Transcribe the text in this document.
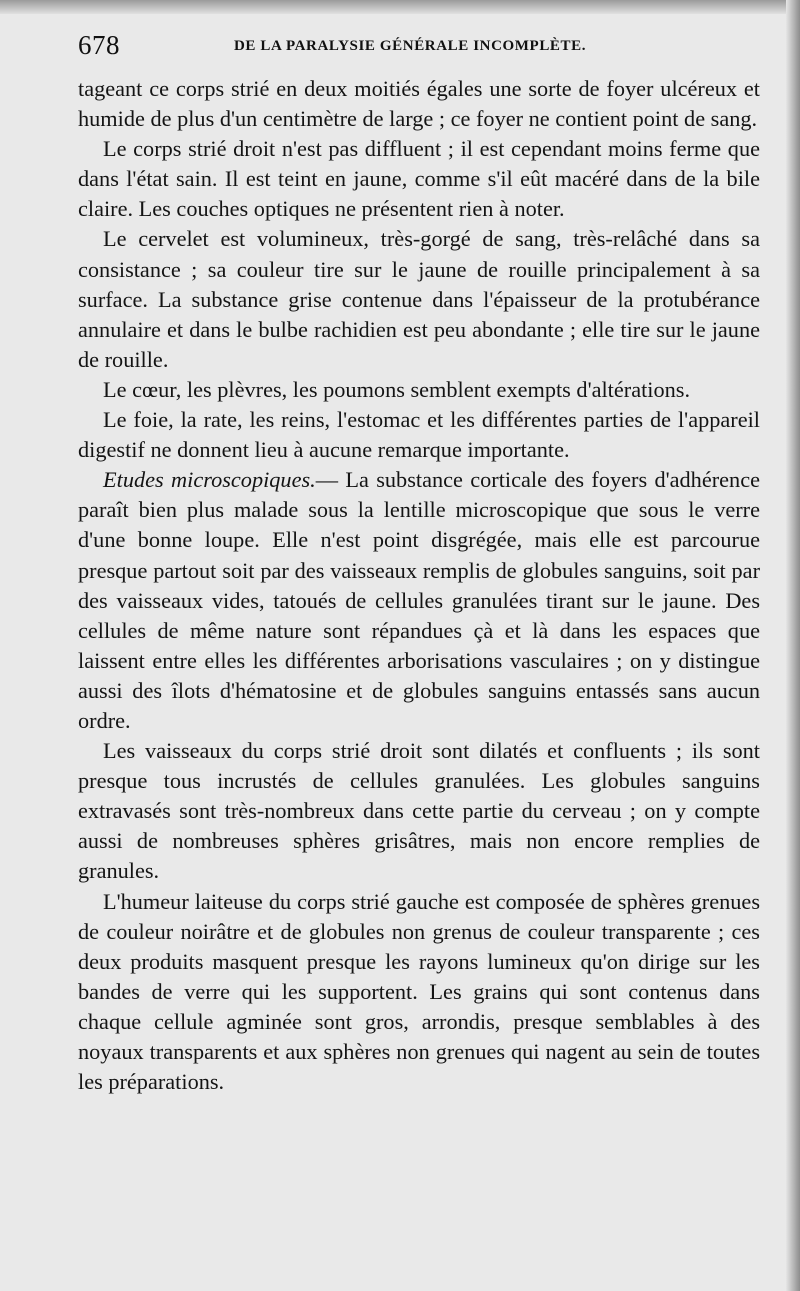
678	DE LA PARALYSIE GÉNÉRALE INCOMPLÈTE.

tageant ce corps strié en deux moitiés égales une sorte de foyer ulcéreux et humide de plus d'un centimètre de large ; ce foyer ne contient point de sang.

Le corps strié droit n'est pas diffluent ; il est cependant moins ferme que dans l'état sain. Il est teint en jaune, comme s'il eût macéré dans de la bile claire. Les couches optiques ne présentent rien à noter.

Le cervelet est volumineux, très-gorgé de sang, très-relâché dans sa consistance ; sa couleur tire sur le jaune de rouille principalement à sa surface. La substance grise contenue dans l'épaisseur de la protubérance annulaire et dans le bulbe rachidien est peu abondante ; elle tire sur le jaune de rouille.

Le cœur, les plèvres, les poumons semblent exempts d'altérations.

Le foie, la rate, les reins, l'estomac et les différentes parties de l'appareil digestif ne donnent lieu à aucune remarque importante.

Etudes microscopiques.— La substance corticale des foyers d'adhérence paraît bien plus malade sous la lentille microscopique que sous le verre d'une bonne loupe. Elle n'est point disgrégée, mais elle est parcourue presque partout soit par des vaisseaux remplis de globules sanguins, soit par des vaisseaux vides, tatoués de cellules granulées tirant sur le jaune. Des cellules de même nature sont répandues çà et là dans les espaces que laissent entre elles les différentes arborisations vasculaires ; on y distingue aussi des îlots d'hématosine et de globules sanguins entassés sans aucun ordre.

Les vaisseaux du corps strié droit sont dilatés et confluents ; ils sont presque tous incrustés de cellules granulées. Les globules sanguins extravasés sont très-nombreux dans cette partie du cerveau ; on y compte aussi de nombreuses sphères grisâtres, mais non encore remplies de granules.

L'humeur laiteuse du corps strié gauche est composée de sphères grenues de couleur noirâtre et de globules non grenus de couleur transparente ; ces deux produits masquent presque les rayons lumineux qu'on dirige sur les bandes de verre qui les supportent. Les grains qui sont contenus dans chaque cellule agminée sont gros, arrondis, presque semblables à des noyaux transparents et aux sphères non grenues qui nagent au sein de toutes les préparations.
